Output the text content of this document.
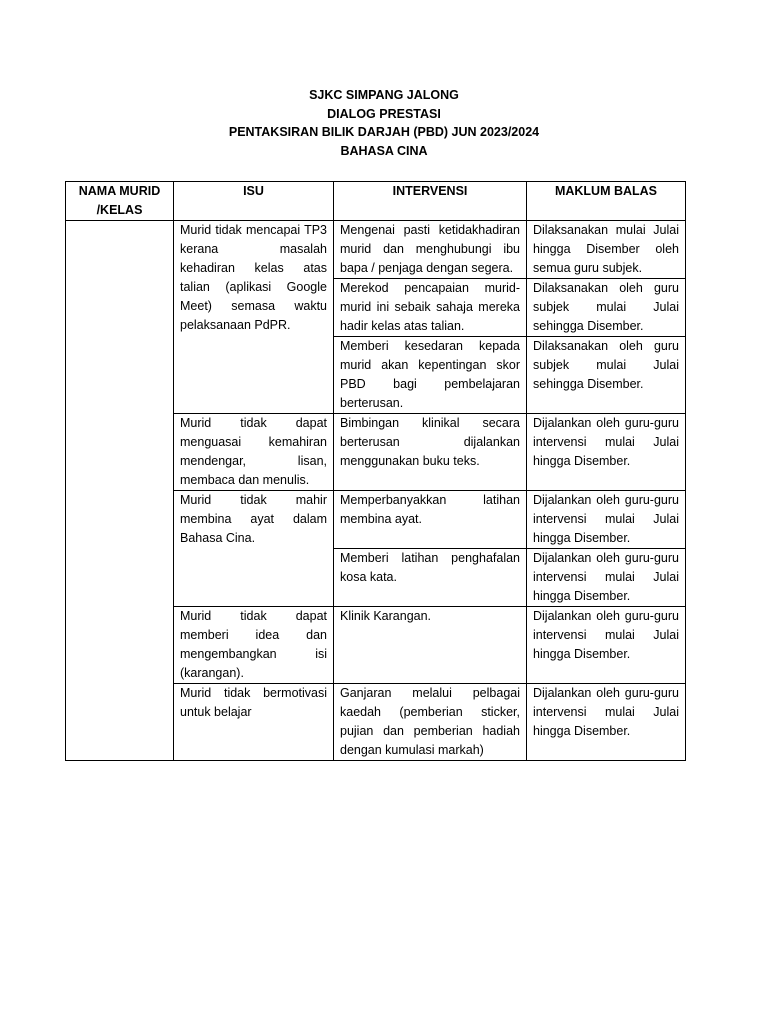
SJKC SIMPANG JALONG
DIALOG PRESTASI
PENTAKSIRAN BILIK DARJAH (PBD) JUN 2023/2024
BAHASA CINA
NAMA MURID /KELAS	ISU	INTERVENSI	MAKLUM BALAS
	Murid tidak mencapai TP3 kerana masalah kehadiran kelas atas talian (aplikasi Google Meet) semasa waktu pelaksanaan PdPR.	Mengenai pasti ketidakhadiran murid dan menghubungi ibu bapa / penjaga dengan segera.	Dilaksanakan mulai Julai hingga Disember oleh semua guru subjek.
		Merekod pencapaian murid-murid ini sebaik sahaja mereka hadir kelas atas talian.	Dilaksanakan oleh guru subjek mulai Julai sehingga Disember.
		Memberi kesedaran kepada murid akan kepentingan skor PBD bagi pembelajaran berterusan.	Dilaksanakan oleh guru subjek mulai Julai sehingga Disember.
	Murid tidak dapat menguasai kemahiran mendengar, lisan, membaca dan menulis.	Bimbingan klinikal secara berterusan dijalankan menggunakan buku teks.	Dijalankan oleh guru-guru intervensi mulai Julai hingga Disember.
	Murid tidak mahir membina ayat dalam Bahasa Cina.	Memperbanyakkan latihan membina ayat.	Dijalankan oleh guru-guru intervensi mulai Julai hingga Disember.
		Memberi latihan penghafalan kosa kata.	Dijalankan oleh guru-guru intervensi mulai Julai hingga Disember.
	Murid tidak dapat memberi idea dan mengembangkan isi (karangan).	Klinik Karangan.	Dijalankan oleh guru-guru intervensi mulai Julai hingga Disember.
	Murid tidak bermotivasi untuk belajar	Ganjaran melalui pelbagai kaedah (pemberian sticker, pujian dan pemberian hadiah dengan kumulasi markah)	Dijalankan oleh guru-guru intervensi mulai Julai hingga Disember.
